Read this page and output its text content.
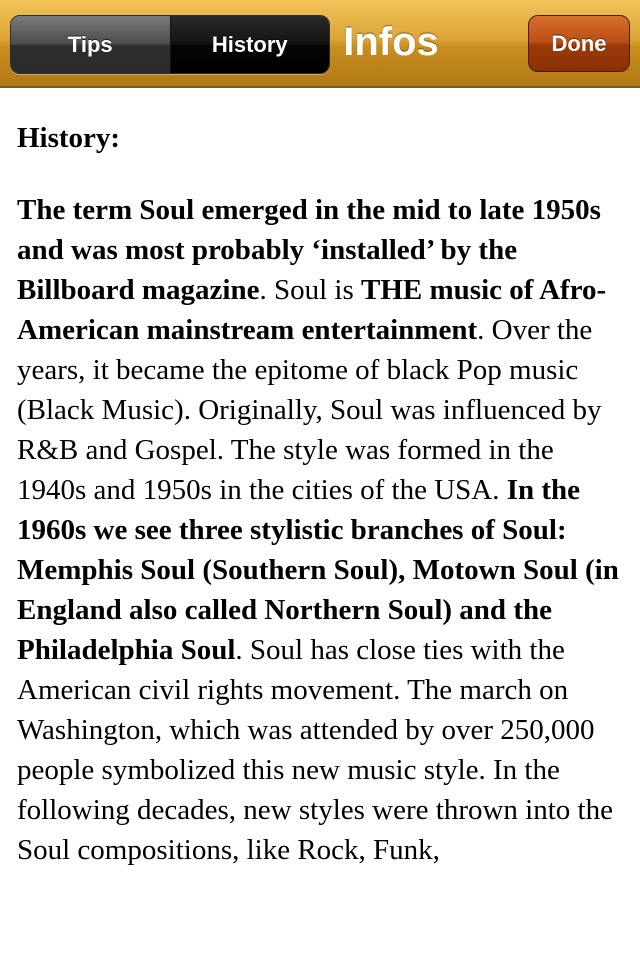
Tips	History	Infos	Done

History:

The term Soul emerged in the mid to late 1950s and was most probably ‘installed’ by the Billboard magazine. Soul is THE music of Afro-American mainstream entertainment. Over the years, it became the epitome of black Pop music (Black Music). Originally, Soul was influenced by R&B and Gospel. The style was formed in the 1940s and 1950s in the cities of the USA. In the 1960s we see three stylistic branches of Soul: Memphis Soul (Southern Soul), Motown Soul (in England also called Northern Soul) and the Philadelphia Soul. Soul has close ties with the American civil rights movement. The march on Washington, which was attended by over 250,000 people symbolized this new music style. In the following decades, new styles were thrown into the Soul compositions, like Rock, Funk,
